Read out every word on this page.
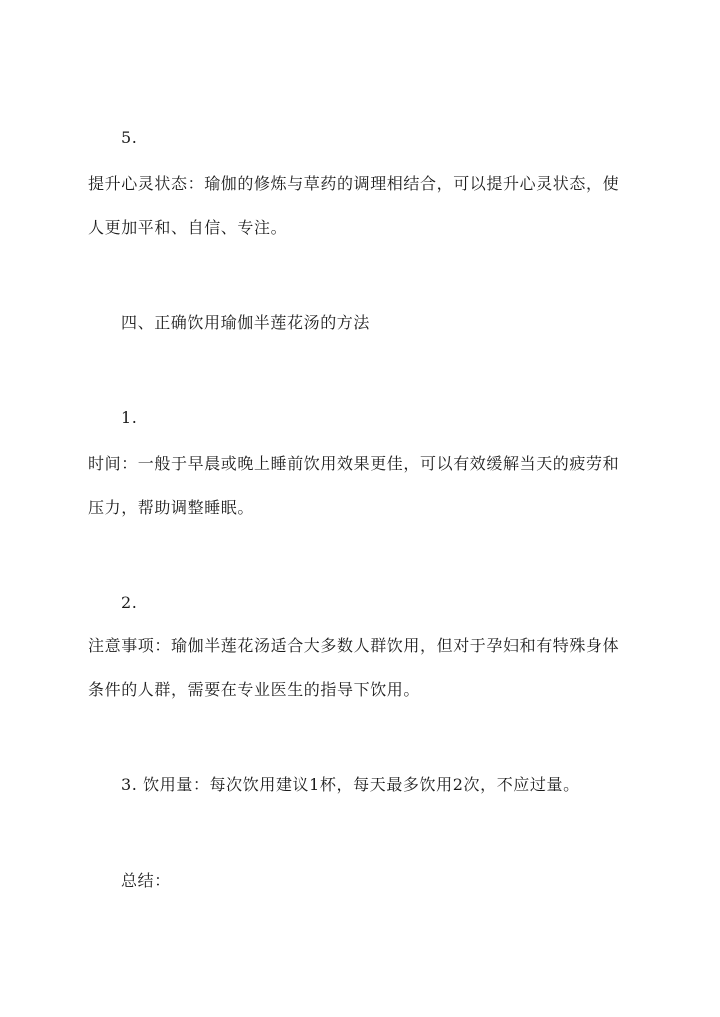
5.
提升心灵状态：瑜伽的修炼与草药的调理相结合，可以提升心灵状态，使
人更加平和、自信、专注。
四、正确饮用瑜伽半莲花汤的方法
1.
时间：一般于早晨或晚上睡前饮用效果更佳，可以有效缓解当天的疲劳和
压力，帮助调整睡眠。
2.
注意事项：瑜伽半莲花汤适合大多数人群饮用，但对于孕妇和有特殊身体
条件的人群，需要在专业医生的指导下饮用。
3. 饮用量：每次饮用建议1杯，每天最多饮用2次，不应过量。
总结：
